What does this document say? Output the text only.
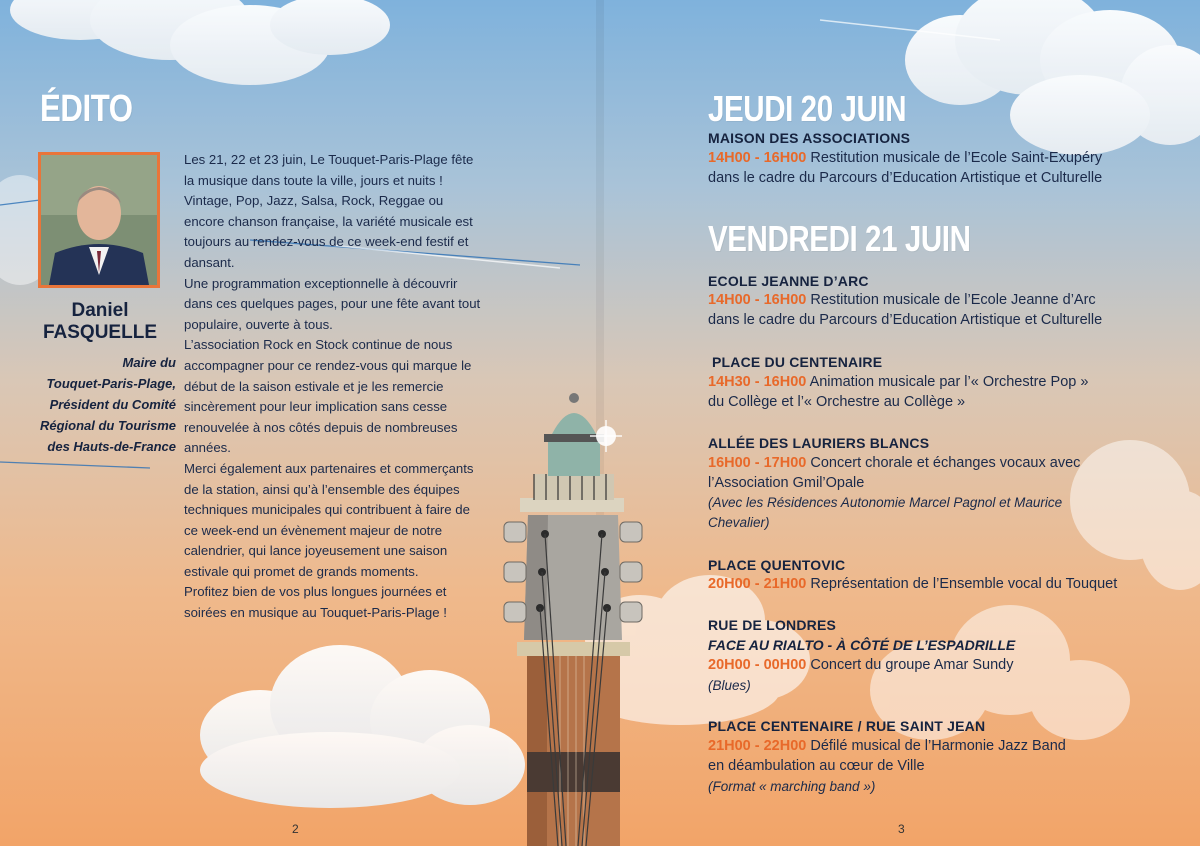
ÉDITO
Daniel
FASQUELLE
Maire du
Touquet-Paris-Plage,
Président du Comité
Régional du Tourisme
des Hauts-de-France

Les 21, 22 et 23 juin, Le Touquet-Paris-Plage fête la musique dans toute la ville, jours et nuits ! Vintage, Pop, Jazz, Salsa, Rock, Reggae ou encore chanson française, la variété musicale est toujours au rendez-vous de ce week-end festif et dansant.

Une programmation exceptionnelle à découvrir dans ces quelques pages, pour une fête avant tout populaire, ouverte à tous.

L’association Rock en Stock continue de nous accompagner pour ce rendez-vous qui marque le début de la saison estivale et je les remercie sincèrement pour leur implication sans cesse renouvelée à nos côtés depuis de nombreuses années.

Merci également aux partenaires et commerçants de la station, ainsi qu’à l’ensemble des équipes techniques municipales qui contribuent à faire de ce week-end un évènement majeur de notre calendrier, qui lance joyeusement une saison estivale qui promet de grands moments.

Profitez bien de vos plus longues journées et soirées en musique au Touquet-Paris-Plage !

2
JEUDI 20 JUIN
MAISON DES ASSOCIATIONS
14H00 - 16H00 Restitution musicale de l’Ecole Saint-Exupéry
dans le cadre du Parcours d’Education Artistique et Culturelle
VENDREDI 21 JUIN
ECOLE JEANNE D’ARC
14H00 - 16H00 Restitution musicale de l’Ecole Jeanne d’Arc
dans le cadre du Parcours d’Education Artistique et Culturelle
PLACE DU CENTENAIRE
14H30 - 16H00 Animation musicale par l’« Orchestre Pop »
du Collège et l’« Orchestre au Collège »
ALLÉE DES LAURIERS BLANCS
16H00 - 17H00 Concert chorale et échanges vocaux avec
l’Association Gmil’Opale
(Avec les Résidences Autonomie Marcel Pagnol et Maurice
Chevalier)
PLACE QUENTOVIC
20H00 - 21H00 Représentation de l’Ensemble vocal du Touquet
RUE DE LONDRES
FACE AU RIALTO - À CÔTÉ DE L’ESPADRILLE
20H00 - 00H00 Concert du groupe Amar Sundy
(Blues)
PLACE CENTENAIRE / RUE SAINT JEAN
21H00 - 22H00 Défilé musical de l’Harmonie Jazz Band
en déambulation au cœur de Ville
(Format « marching band »)
3
